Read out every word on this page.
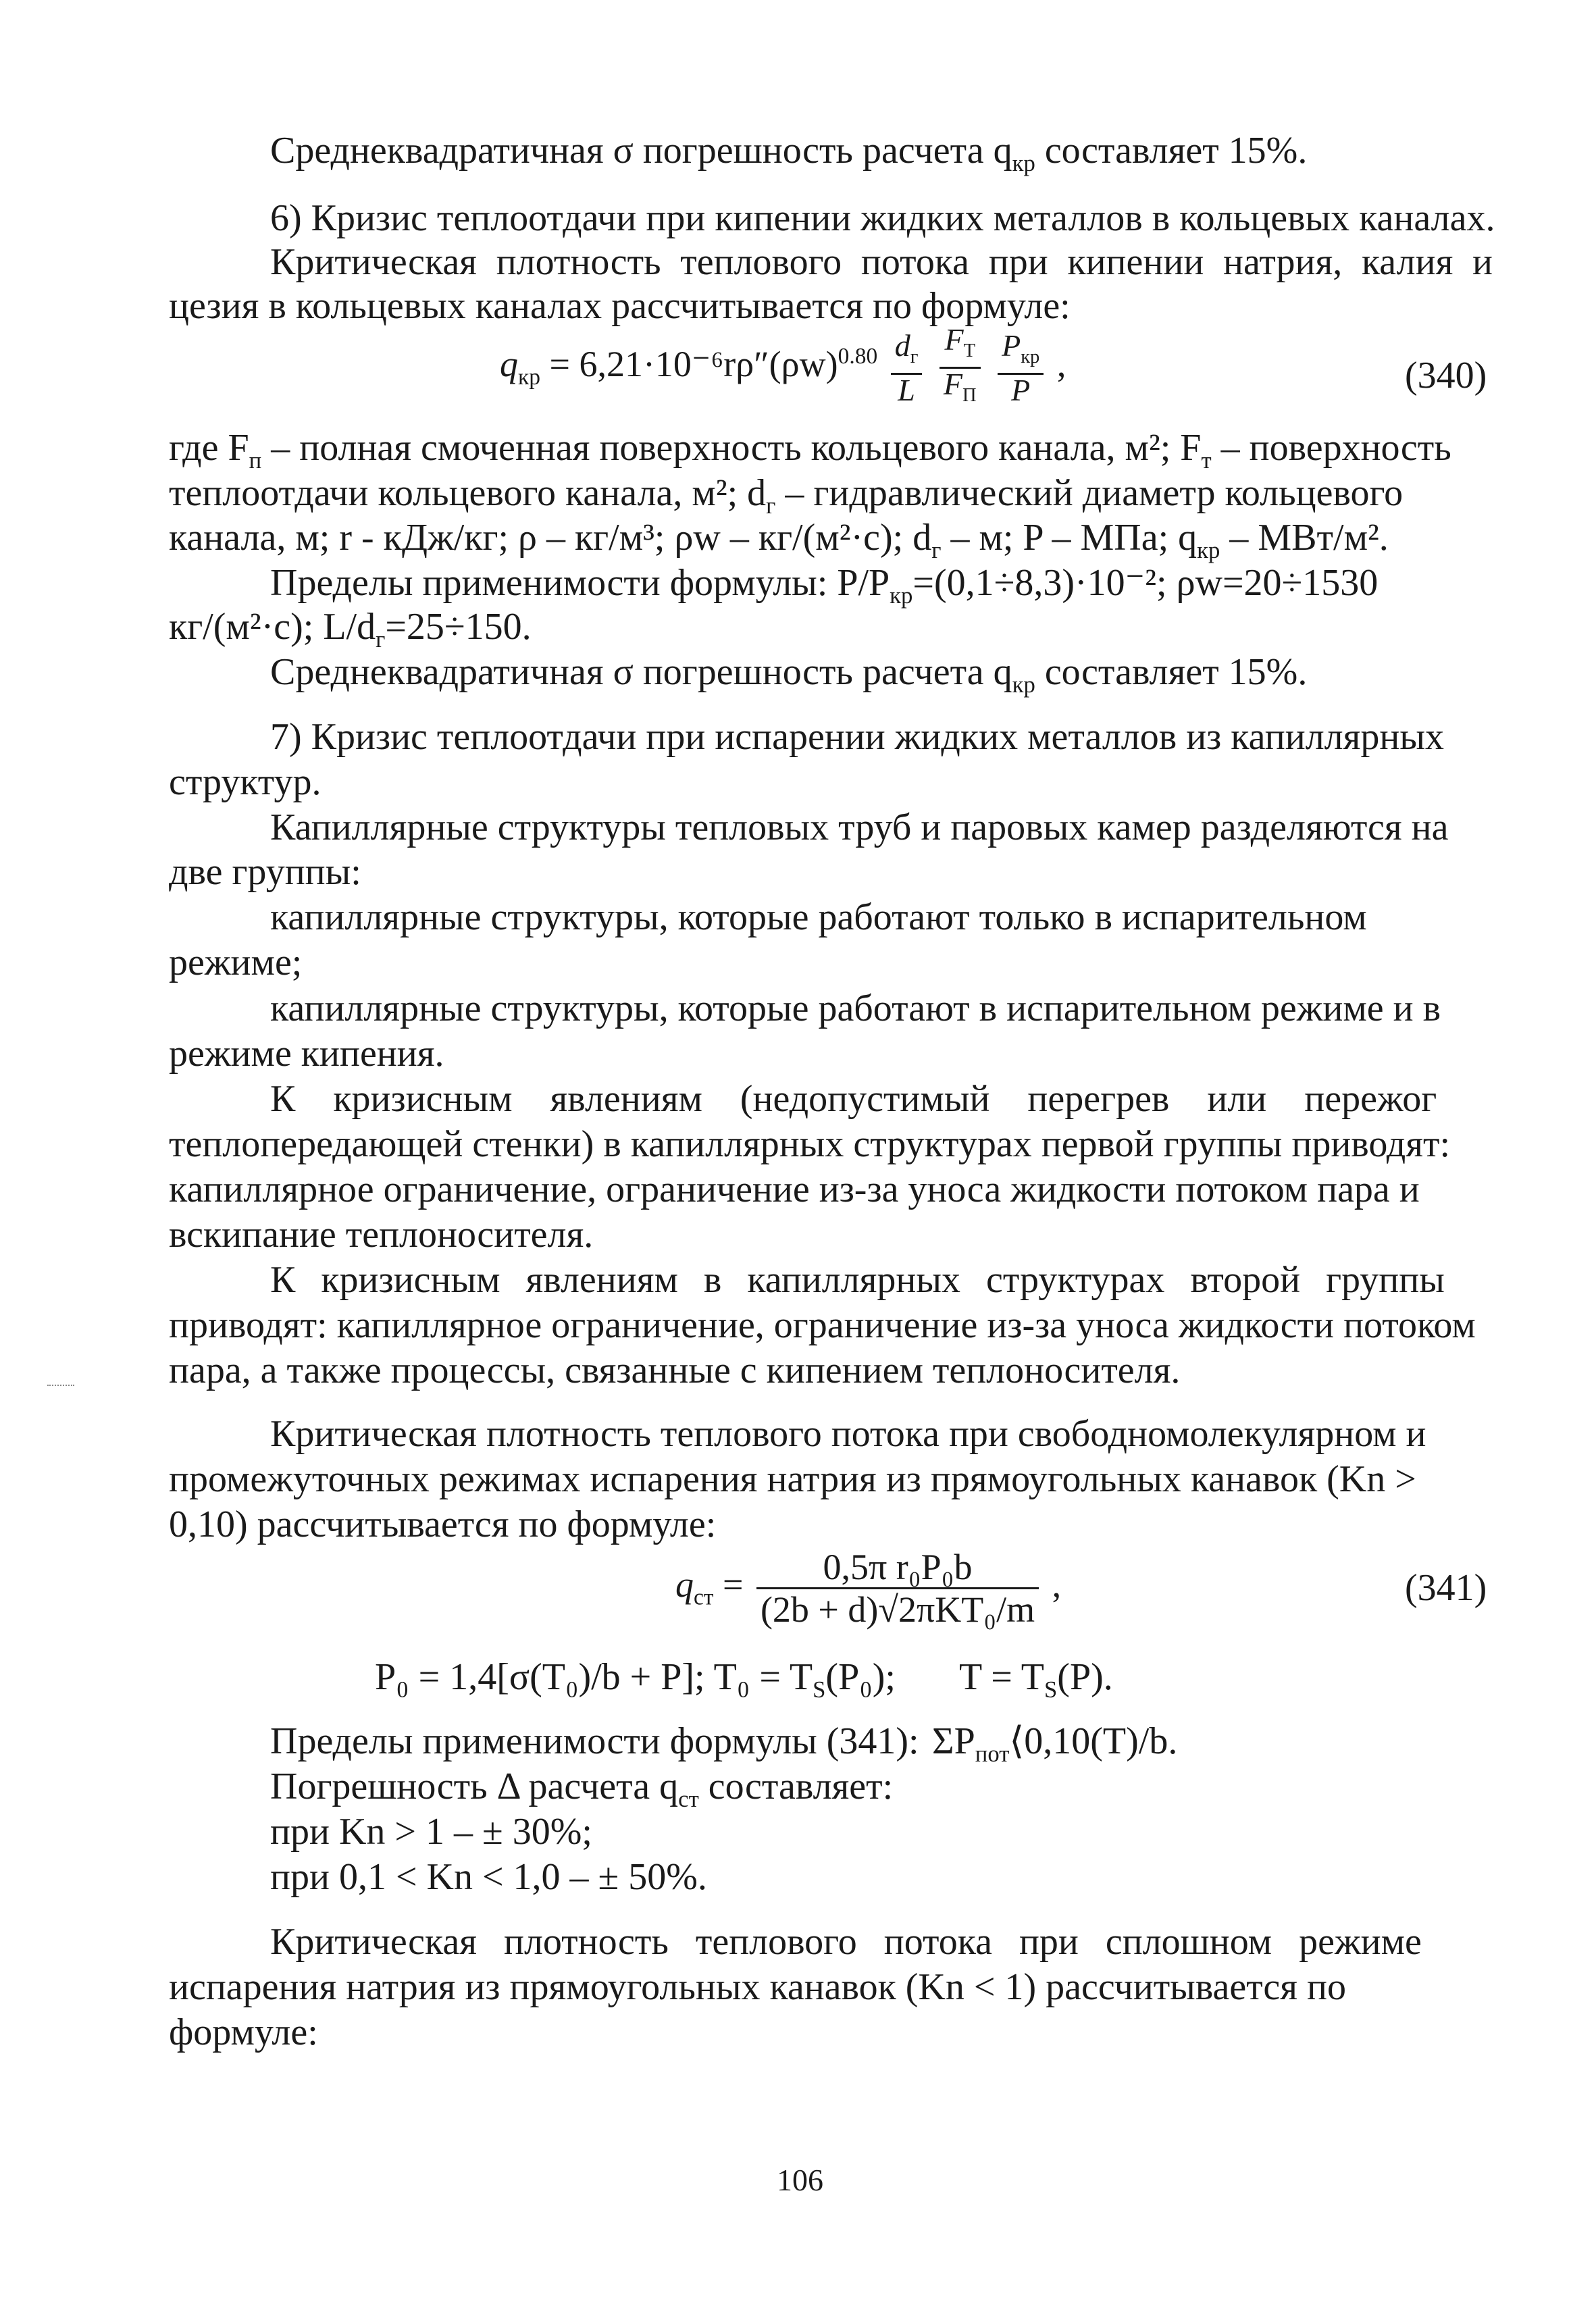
Среднеквадратичная σ погрешность расчета $q_{кр}$ составляет 15%.
6) Кризис теплоотдачи при кипении жидких металлов в кольцевых каналах.
Критическая плотность теплового потока при кипении натрия, калия и
цезия в кольцевых каналах рассчитывается по формуле:
$q_{кр} = 6,21\cdot 10^{-6}r\rho''(\rho w)^{0.80} \frac{d_г}{L}$
$\frac{F_Т}{F_П}$
$\frac{P_{кр}}{P}$ ,	(340)
где $F_п$ – полная смоченная поверхность кольцевого канала, м²; $F_т$ – поверхность
теплоотдачи кольцевого канала, м²; $d_г$ – гидравлический диаметр кольцевого
канала, м; r - кДж/кг; ρ – кг/м³; ρw – кг/(м²·с); $d_г$ – м; P – МПа; $q_{кр} - МВт/м^2$.
Пределы применимости формулы: $P/P_{кр}=(0,1\div 8,3)\cdot 10^{-2}$; ρw=20÷1530
кг/(м²·с); $L/d_г=25\div 150$.
Среднеквадратичная σ погрешность расчета $q_{кр}$ составляет 15%.
7) Кризис теплоотдачи при испарении жидких металлов из капиллярных
структур.
Капиллярные структуры тепловых труб и паровых камер разделяются на
две группы:
капиллярные структуры, которые работают только в испарительном
режиме;
капиллярные структуры, которые работают в испарительном режиме и в
режиме кипения.
К кризисным явлениям (недопустимый перегрев или пережог
теплопередающей стенки) в капиллярных структурах первой группы приводят:
капиллярное ограничение, ограничение из-за уноса жидкости потоком пара и
вскипание теплоносителя.
К кризисным явлениям в капиллярных структурах второй группы
приводят: капиллярное ограничение, ограничение из-за уноса жидкости потоком
пара, а также процессы, связанные с кипением теплоносителя.
Критическая плотность теплового потока при свободномолекулярном и
промежуточных режимах испарения натрия из прямоугольных канавок (Kn >
0,10) рассчитывается по формуле:
$q_{ст} = \frac{\text{0,5π r₀P₀b}}{\text{(2b + d)√2πKT₀/m}}$ ,	(341)
P₀ = 1,4[σ(T₀)/b + P]; $T_0 = T_S(P_0)$; $T = T_S(P)$.
Пределы применимости формулы (341): $\Sigma P_{пот}⟨0,10(T)/b$.
Погрешность Δ расчета $q_{ст}$ составляет:
при Kn > 1 – ± 30%;
при 0,1 < Kn < 1,0 – ± 50%.
Критическая плотность теплового потока при сплошном режиме
испарения натрия из прямоугольных канавок (Kn < 1) рассчитывается по
формуле:
106
